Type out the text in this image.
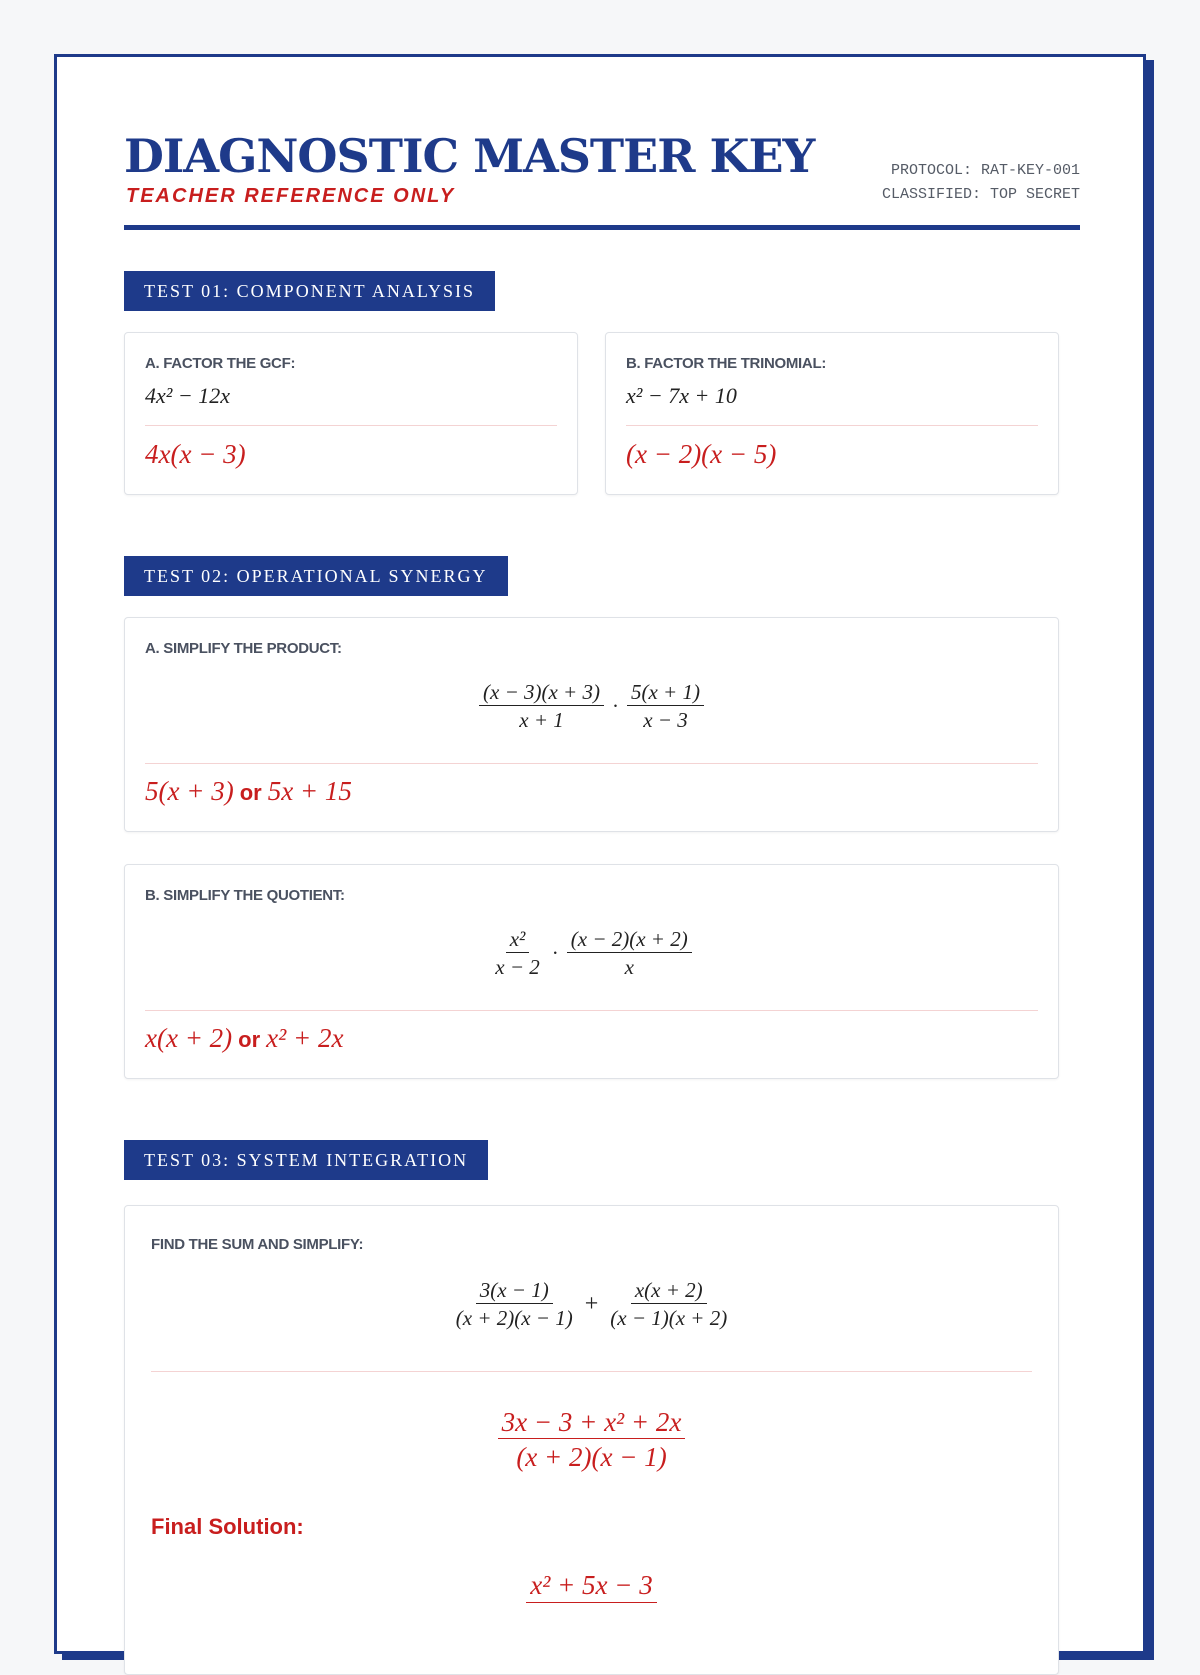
DIAGNOSTIC MASTER KEY
TEACHER REFERENCE ONLY
PROTOCOL: RAT-KEY-001
CLASSIFIED: TOP SECRET
TEST 01: COMPONENT ANALYSIS
A. FACTOR THE GCF:
4x² − 12x
4x(x − 3)
B. FACTOR THE TRINOMIAL:
x² − 7x + 10
(x − 2)(x − 5)
TEST 02: OPERATIONAL SYNERGY
A. SIMPLIFY THE PRODUCT:
$\frac{(x - 3)(x + 3)}{x + 1} \cdot \frac{5(x + 1)}{x - 3}$
5(x + 3) or 5x + 15
B. SIMPLIFY THE QUOTIENT:
$\frac{\text{x²}}{x - 2} \cdot \frac{(x - 2)(x + 2)}{x}$
x(x + 2) or x² + 2x
TEST 03: SYSTEM INTEGRATION
FIND THE SUM AND SIMPLIFY:
$\frac{3(x - 1)}{(x + 2)(x - 1)} + \frac{x(x + 2)}{(x - 1)(x + 2)}$
$\frac{\text{3x − 3 + x² + 2x}}{(x + 2)(x - 1)}$
Final Solution:
x² + 5x − 3
